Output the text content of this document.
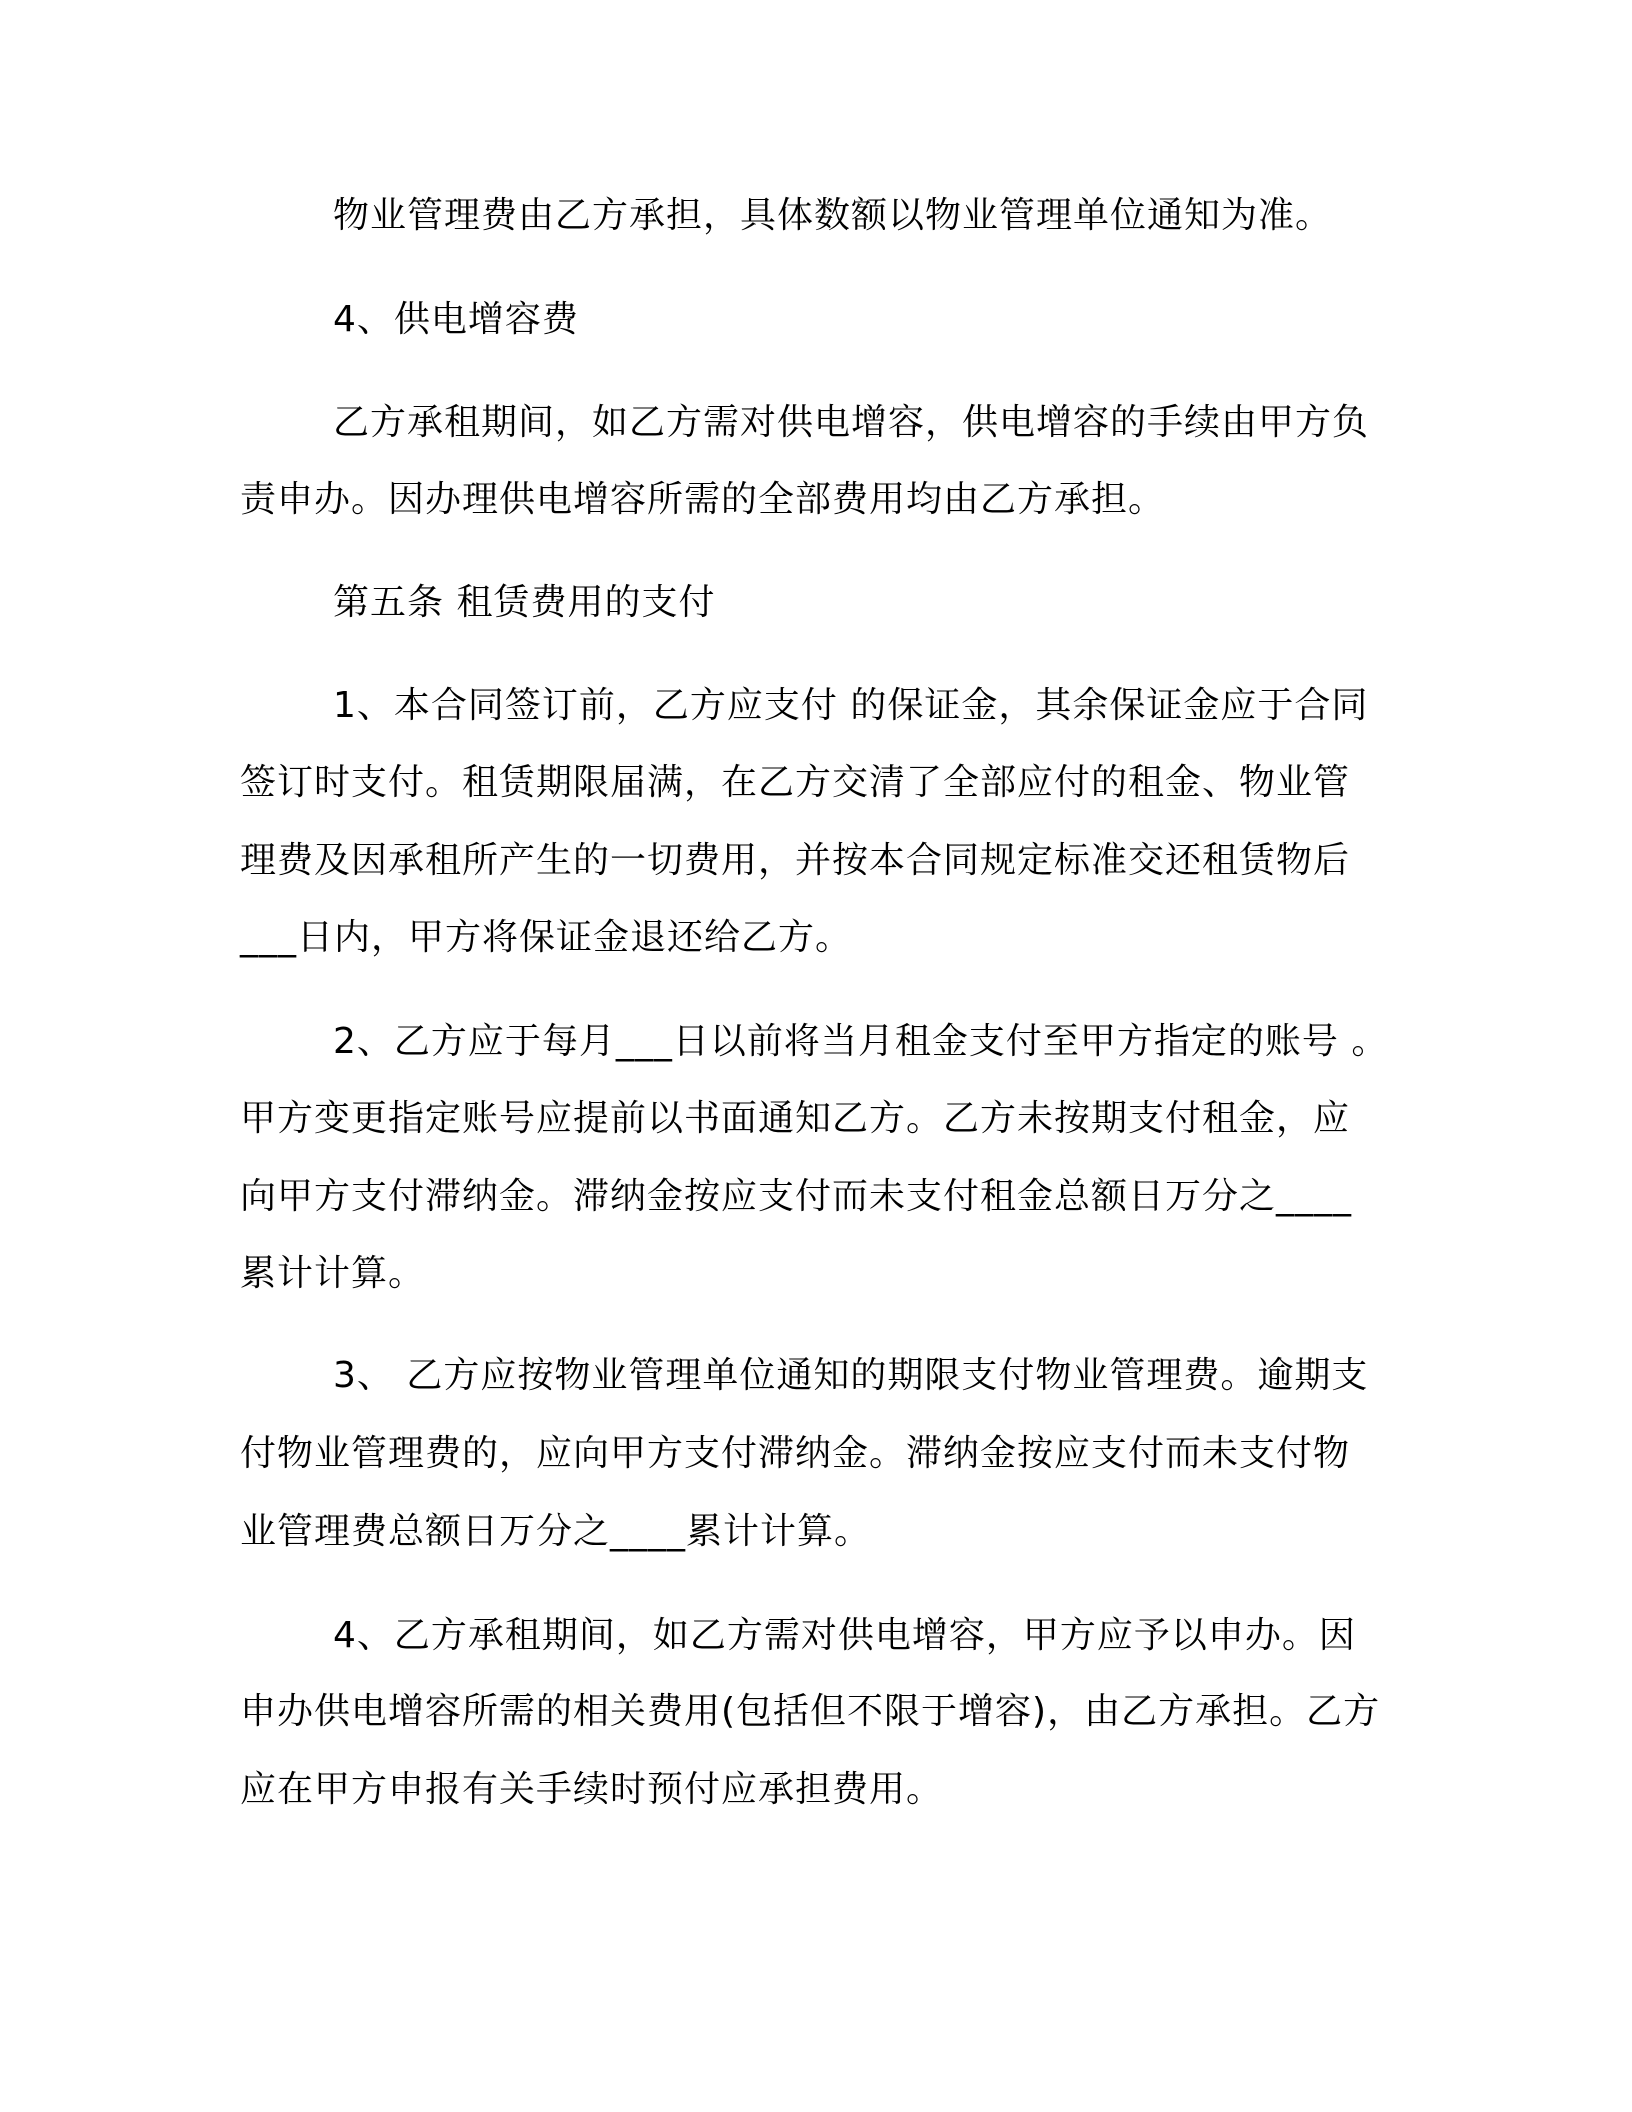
物业管理费由乙方承担，具体数额以物业管理单位通知为准。

4、供电增容费

乙方承租期间，如乙方需对供电增容，供电增容的手续由甲方负

责申办。因办理供电增容所需的全部费用均由乙方承担。

第五条 租赁费用的支付

1、本合同签订前，乙方应支付 的保证金，其余保证金应于合同

签订时支付。租赁期限届满，在乙方交清了全部应付的租金、物业管

理费及因承租所产生的一切费用，并按本合同规定标准交还租赁物后

___日内，甲方将保证金退还给乙方。

2、乙方应于每月___日以前将当月租金支付至甲方指定的账号 。

甲方变更指定账号应提前以书面通知乙方。乙方未按期支付租金，应

向甲方支付滞纳金。滞纳金按应支付而未支付租金总额日万分之____

累计计算。

3、 乙方应按物业管理单位通知的期限支付物业管理费。逾期支

付物业管理费的，应向甲方支付滞纳金。滞纳金按应支付而未支付物

业管理费总额日万分之____累计计算。

4、乙方承租期间，如乙方需对供电增容，甲方应予以申办。因

申办供电增容所需的相关费用(包括但不限于增容)，由乙方承担。乙方

应在甲方申报有关手续时预付应承担费用。
